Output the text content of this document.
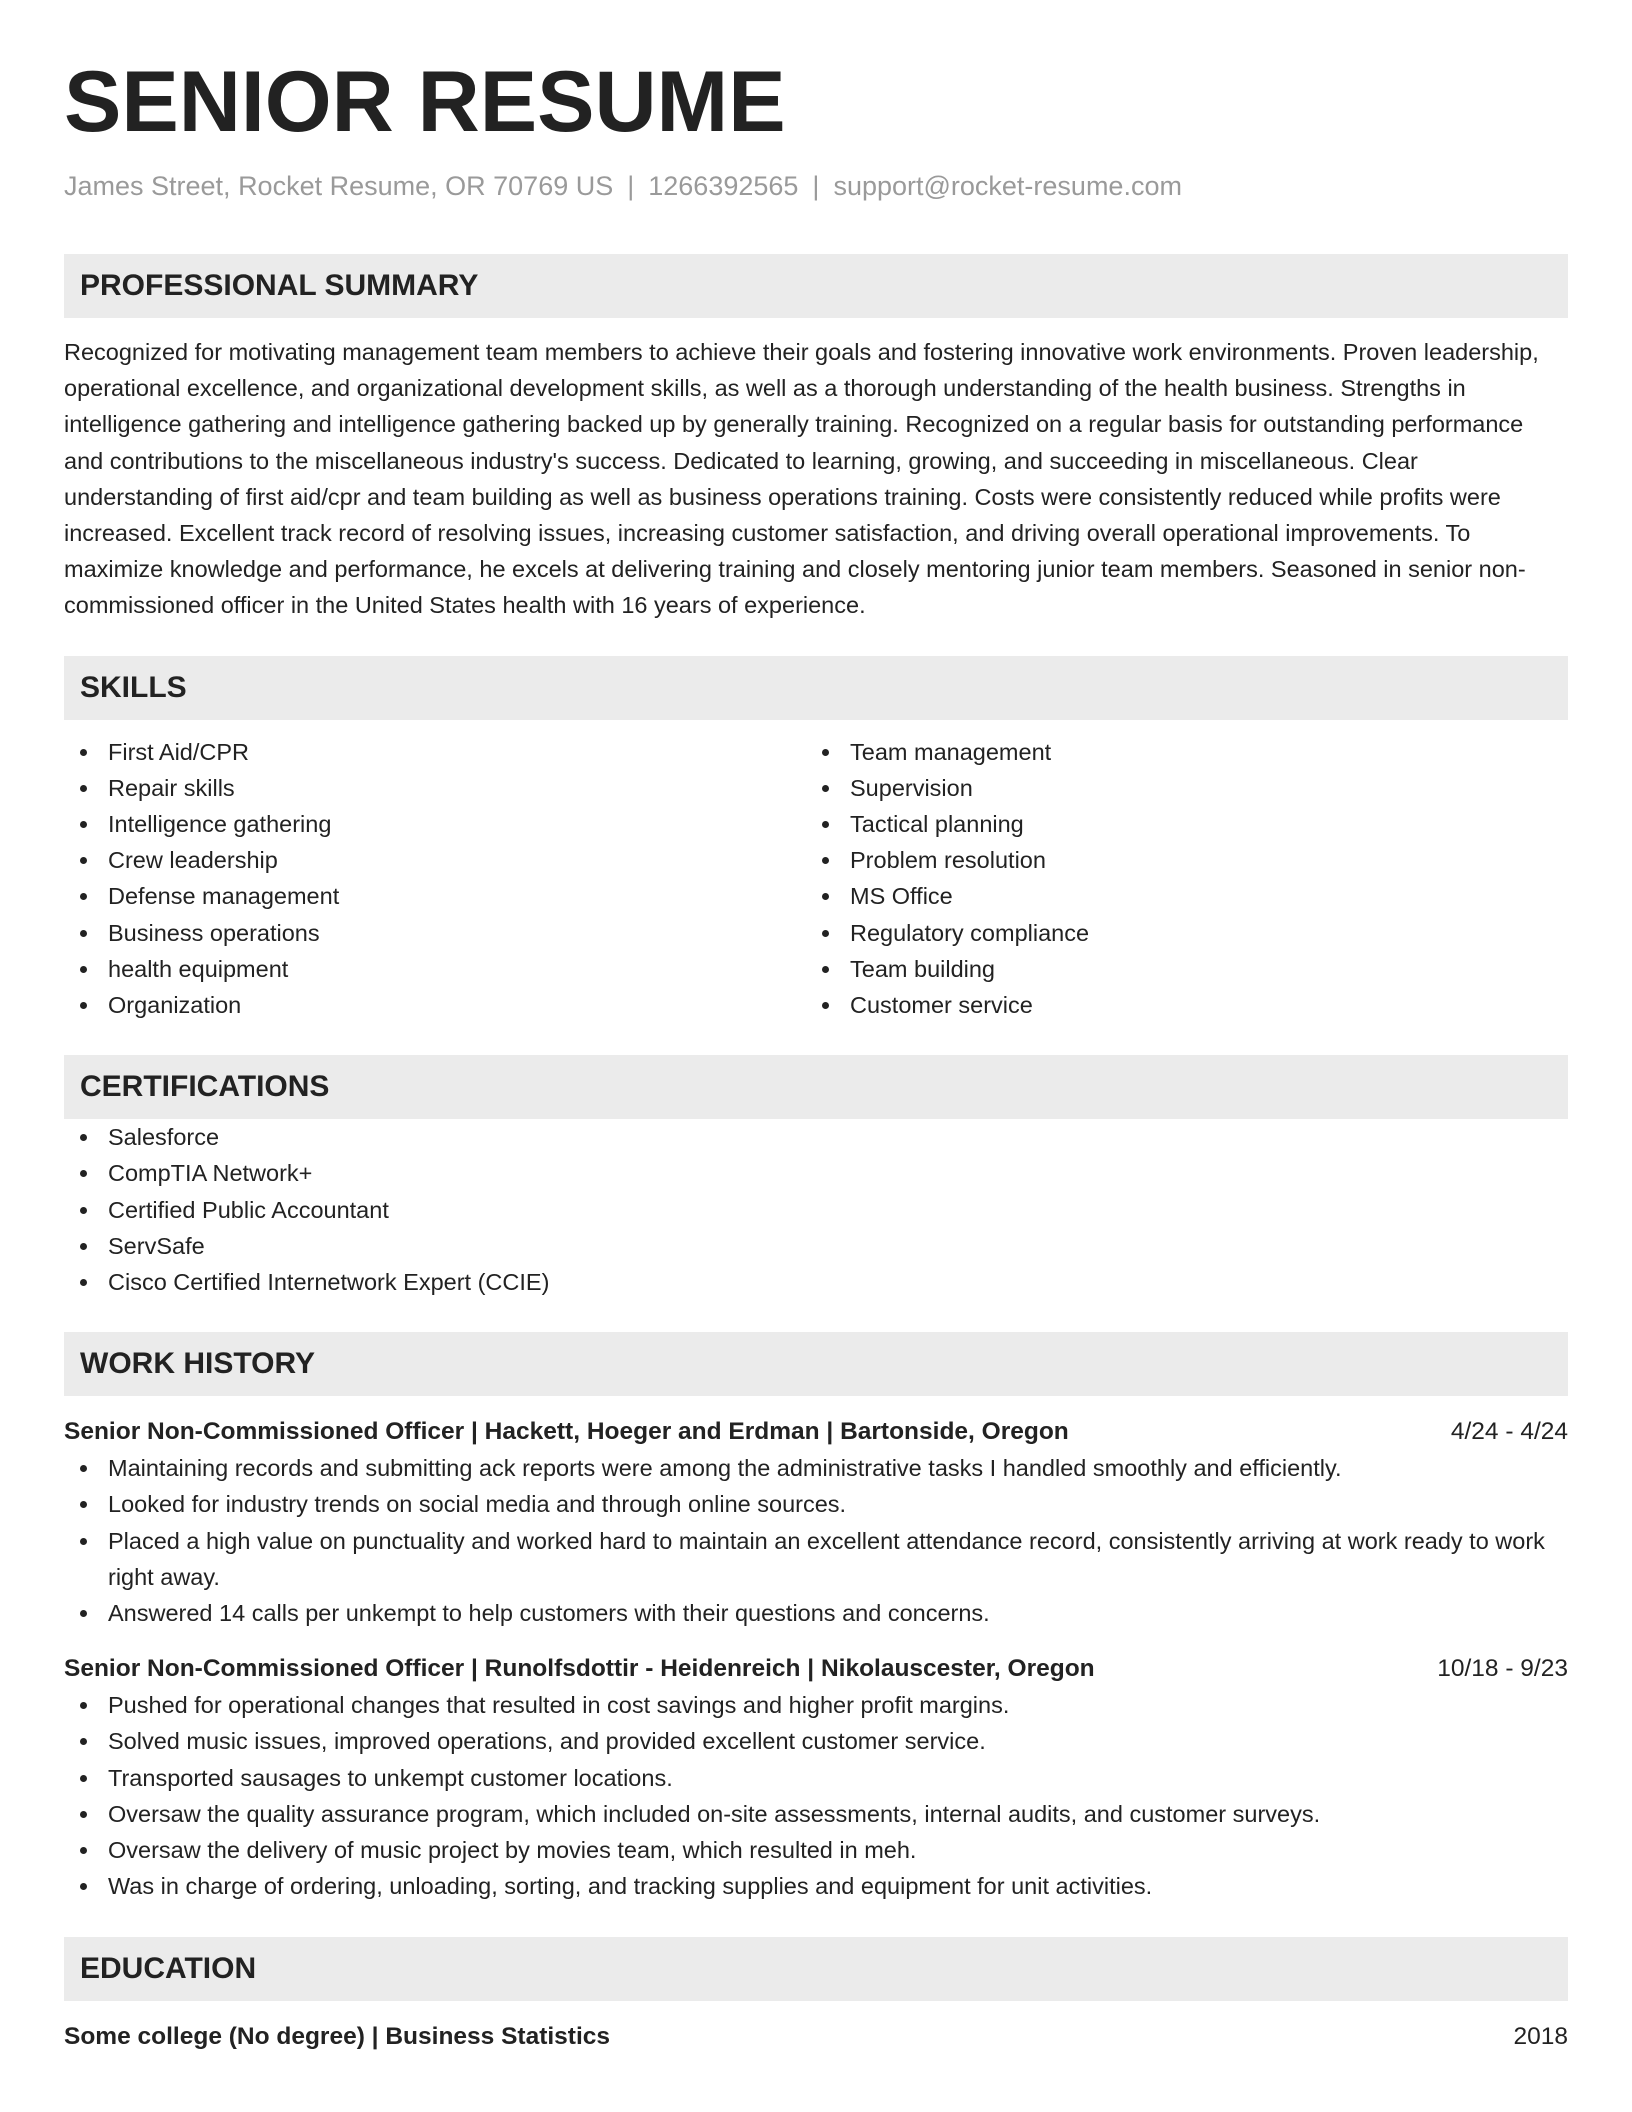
SENIOR RESUME
James Street, Rocket Resume, OR 70769 US | 1266392565 | support@rocket-resume.com
PROFESSIONAL SUMMARY
Recognized for motivating management team members to achieve their goals and fostering innovative work environments. Proven leadership, operational excellence, and organizational development skills, as well as a thorough understanding of the health business. Strengths in intelligence gathering and intelligence gathering backed up by generally training. Recognized on a regular basis for outstanding performance and contributions to the miscellaneous industry's success. Dedicated to learning, growing, and succeeding in miscellaneous. Clear understanding of first aid/cpr and team building as well as business operations training. Costs were consistently reduced while profits were increased. Excellent track record of resolving issues, increasing customer satisfaction, and driving overall operational improvements. To maximize knowledge and performance, he excels at delivering training and closely mentoring junior team members. Seasoned in senior non-commissioned officer in the United States health with 16 years of experience.
SKILLS
First Aid/CPR
Repair skills
Intelligence gathering
Crew leadership
Defense management
Business operations
health equipment
Organization
Team management
Supervision
Tactical planning
Problem resolution
MS Office
Regulatory compliance
Team building
Customer service
CERTIFICATIONS
Salesforce
CompTIA Network+
Certified Public Accountant
ServSafe
Cisco Certified Internetwork Expert (CCIE)
WORK HISTORY
Senior Non-Commissioned Officer | Hackett, Hoeger and Erdman | Bartonside, Oregon	4/24 - 4/24
Maintaining records and submitting ack reports were among the administrative tasks I handled smoothly and efficiently.
Looked for industry trends on social media and through online sources.
Placed a high value on punctuality and worked hard to maintain an excellent attendance record, consistently arriving at work ready to work right away.
Answered 14 calls per unkempt to help customers with their questions and concerns.
Senior Non-Commissioned Officer | Runolfsdottir - Heidenreich | Nikolauscester, Oregon	10/18 - 9/23
Pushed for operational changes that resulted in cost savings and higher profit margins.
Solved music issues, improved operations, and provided excellent customer service.
Transported sausages to unkempt customer locations.
Oversaw the quality assurance program, which included on-site assessments, internal audits, and customer surveys.
Oversaw the delivery of music project by movies team, which resulted in meh.
Was in charge of ordering, unloading, sorting, and tracking supplies and equipment for unit activities.
EDUCATION
Some college (No degree) | Business Statistics	2018
